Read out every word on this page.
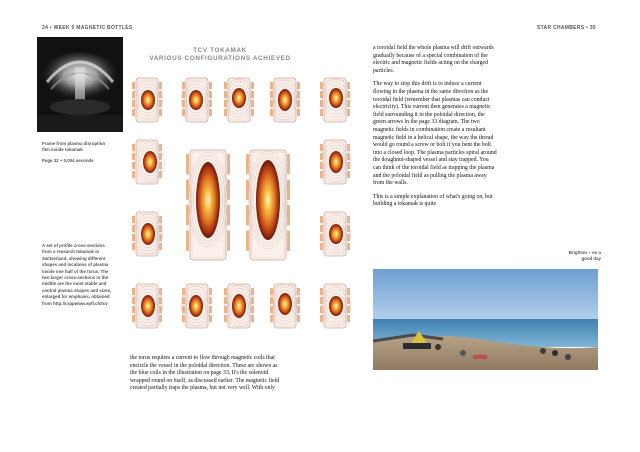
24 • WEEK 5 MAGNETIC BOTTLES	STAR CHAMBERS • 35
Frame from plasma disruption
film inside tokamak
Page 32 + 0.004 seconds
A set of profile cross-sections from a research tokamak in Switzerland, showing different shapes and locations of plasma inside one half of the torus. The two larger cross-sections in the middle are the most stable and central plasma shapes and sizes, enlarged for emphasis, obtained from http://crppwww.epfl.ch/tcv
TCV TOKAMAK
VARIOUS CONFIGURATIONS ACHIEVED
the torus requires a current to flow through magnetic coils that encircle the vessel in the poloidal direction. These are shown as the blue coils in the illustration on page 33. It's the solenoid wrapped round on itself, as discussed earlier. The magnetic field created partially traps the plasma, but not very well. With only

a toroidal field the whole plasma will drift outwards gradually because of a special combination of the electric and magnetic fields acting on the charged particles.

The way to stop this drift is to induce a current flowing in the plasma in the same direction as the toroidal field (remember that plasmas can conduct electricity). This current then generates a magnetic field surrounding it in the poloidal direction, the green arrows in the page 33 diagram. The two magnetic fields in combination create a resultant magnetic field in a helical shape, the way the thread would go round a screw or bolt if you bent the bolt into a closed loop. The plasma particles spiral around the doughnut-shaped vessel and stay trapped. You can think of the toroidal field as trapping the plasma and the poloidal field as pulling the plasma away from the walls.

This is a simple explanation of what's going on, but building a tokamak is quite

Brighton – on a
good day
